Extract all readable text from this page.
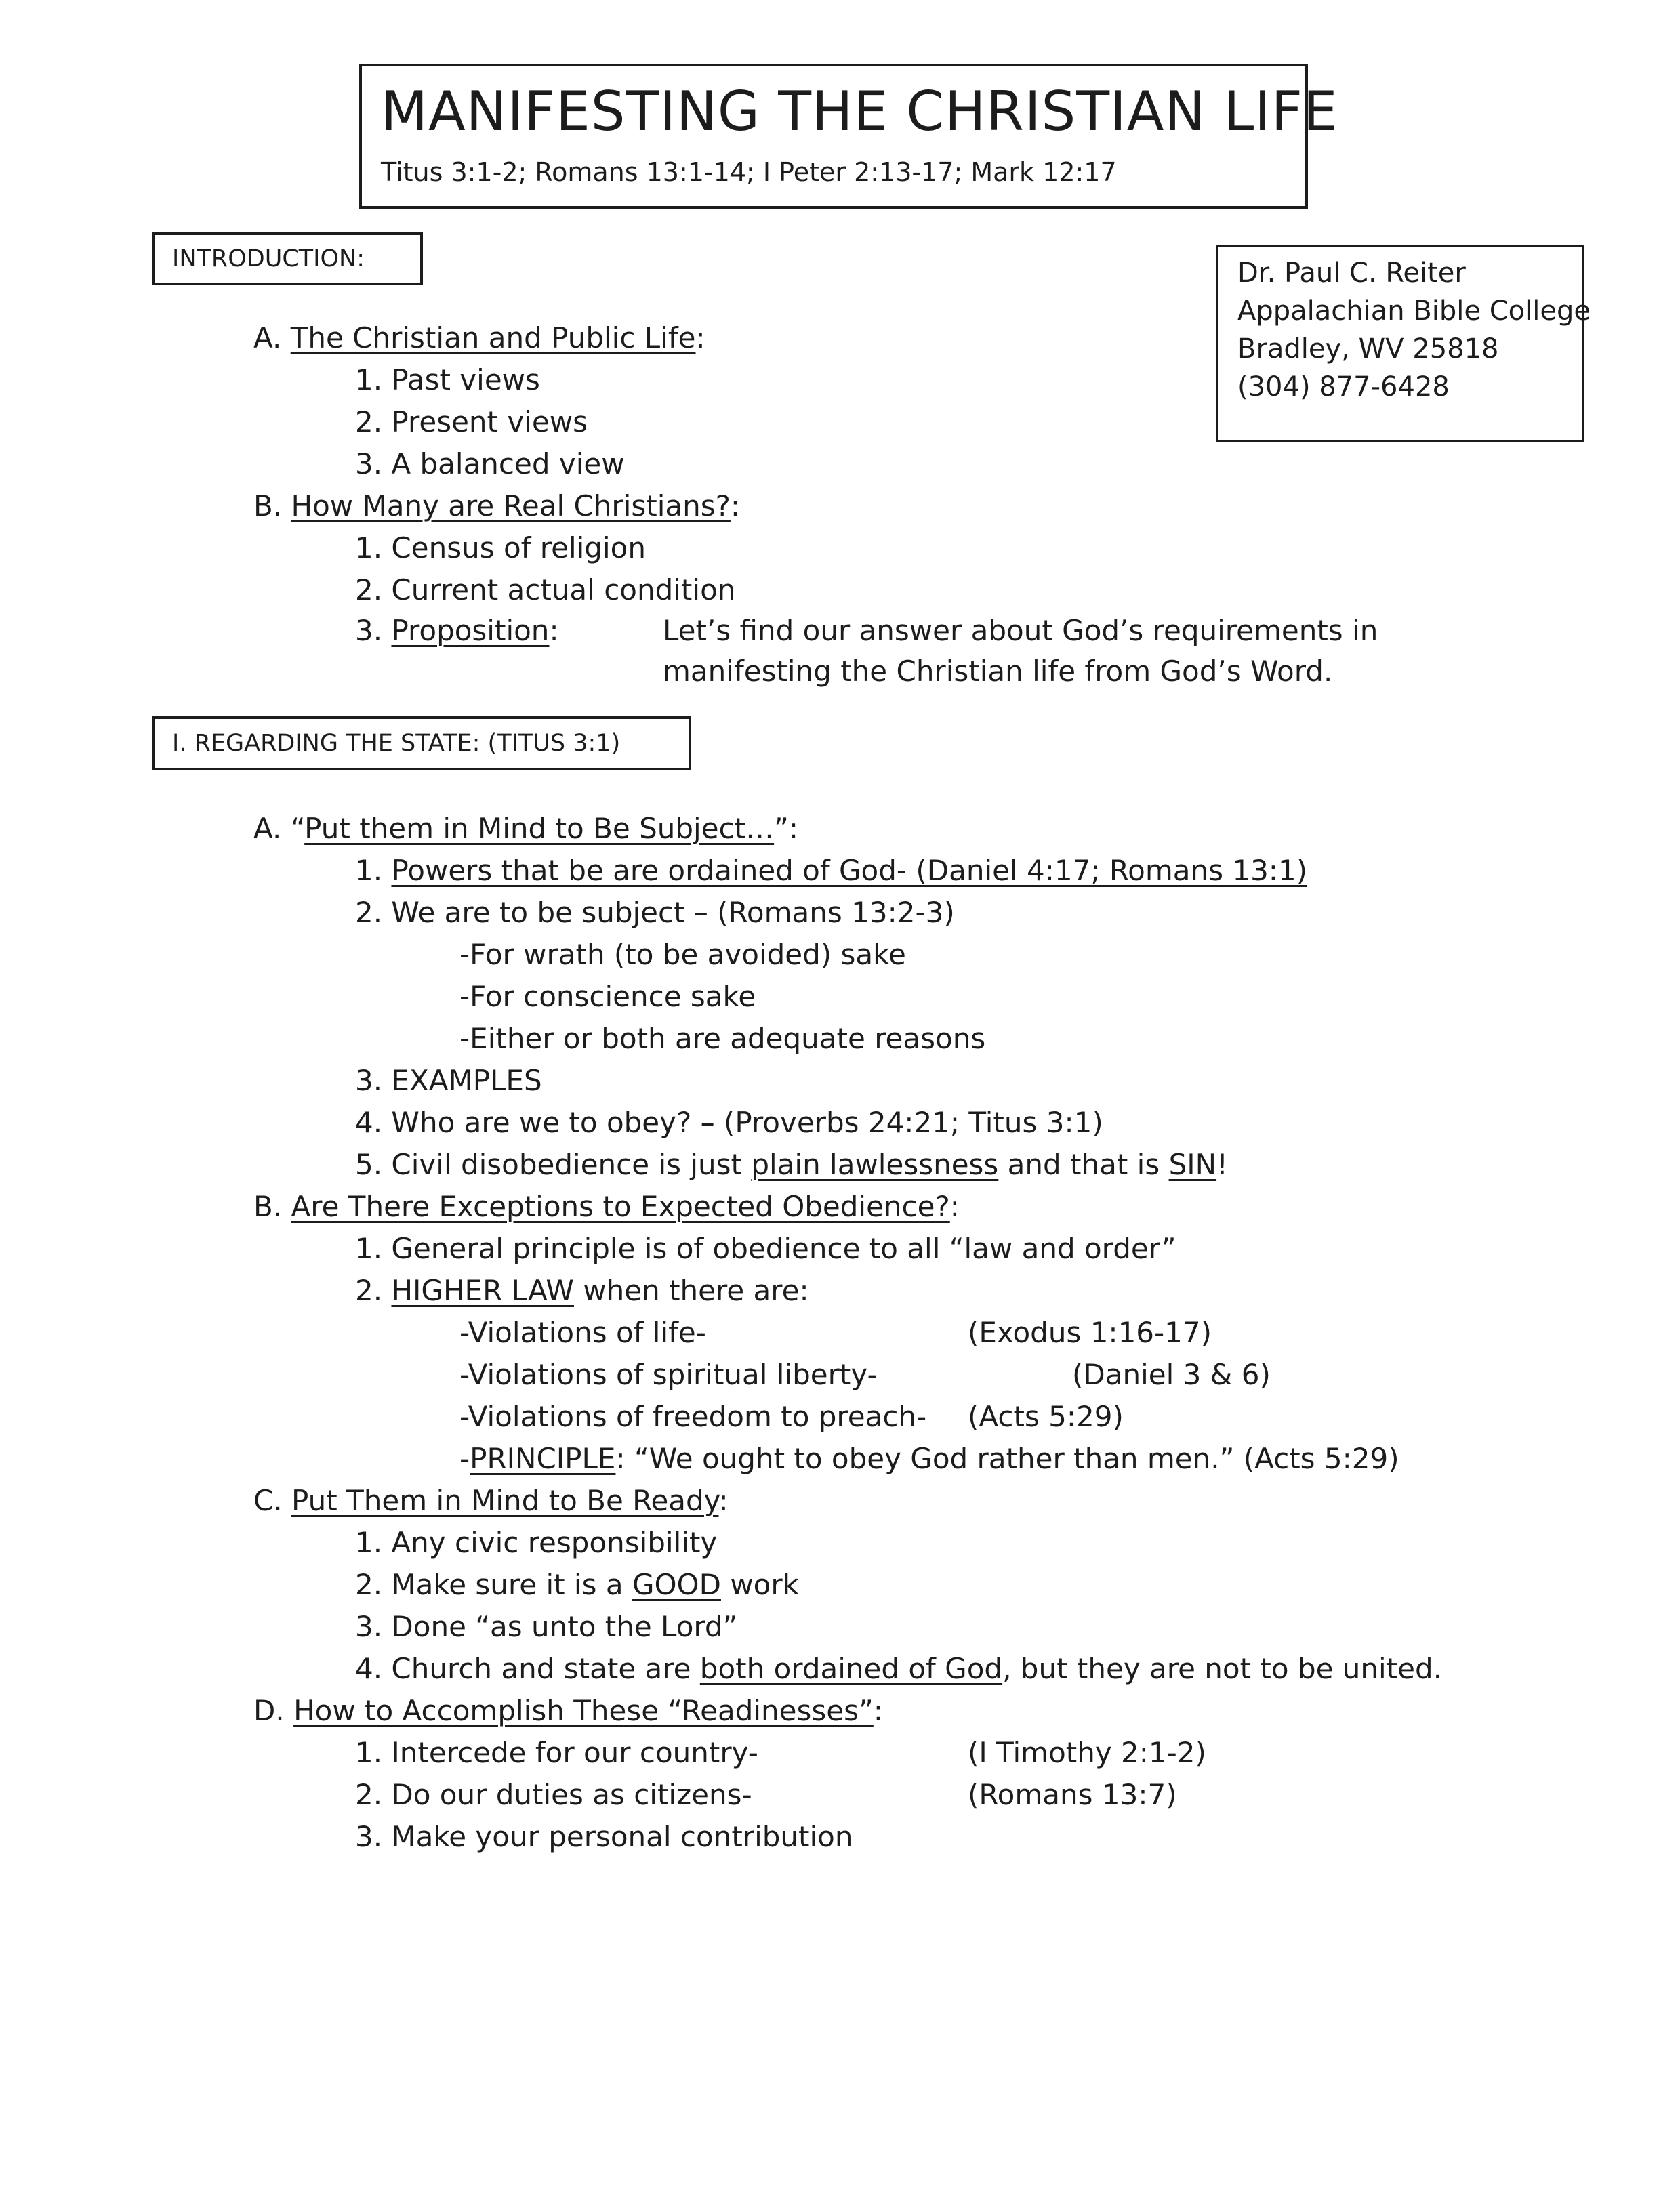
MANIFESTING THE CHRISTIAN LIFE
Titus 3:1-2; Romans 13:1-14; I Peter 2:13-17; Mark 12:17
Dr. Paul C. Reiter
Appalachian Bible College
Bradley, WV 25818
(304) 877-6428
INTRODUCTION:
A. The Christian and Public Life:
1. Past views
2. Present views
3. A balanced view
B. How Many are Real Christians?:
1. Census of religion
2. Current actual condition
3. Proposition:	Let’s find our answer about God’s requirements in
manifesting the Christian life from God’s Word.
I. REGARDING THE STATE: (TITUS 3:1)
A. “Put them in Mind to Be Subject…”:
1. Powers that be are ordained of God- (Daniel 4:17; Romans 13:1)
2. We are to be subject – (Romans 13:2-3)
-For wrath (to be avoided) sake
-For conscience sake
-Either or both are adequate reasons
3. EXAMPLES
4. Who are we to obey? – (Proverbs 24:21; Titus 3:1)
5. Civil disobedience is just plain lawlessness and that is SIN!
B. Are There Exceptions to Expected Obedience?:
1. General principle is of obedience to all “law and order”
2. HIGHER LAW when there are:
-Violations of life-	(Exodus 1:16-17)
-Violations of spiritual liberty-	(Daniel 3 & 6)
-Violations of freedom to preach- (Acts 5:29)
-PRINCIPLE: “We ought to obey God rather than men.” (Acts 5:29)
C. Put Them in Mind to Be Ready:
1. Any civic responsibility
2. Make sure it is a GOOD work
3. Done “as unto the Lord”
4. Church and state are both ordained of God, but they are not to be united.
D. How to Accomplish These “Readinesses”:
1. Intercede for our country-	(I Timothy 2:1-2)
2. Do our duties as citizens-	(Romans 13:7)
3. Make your personal contribution
